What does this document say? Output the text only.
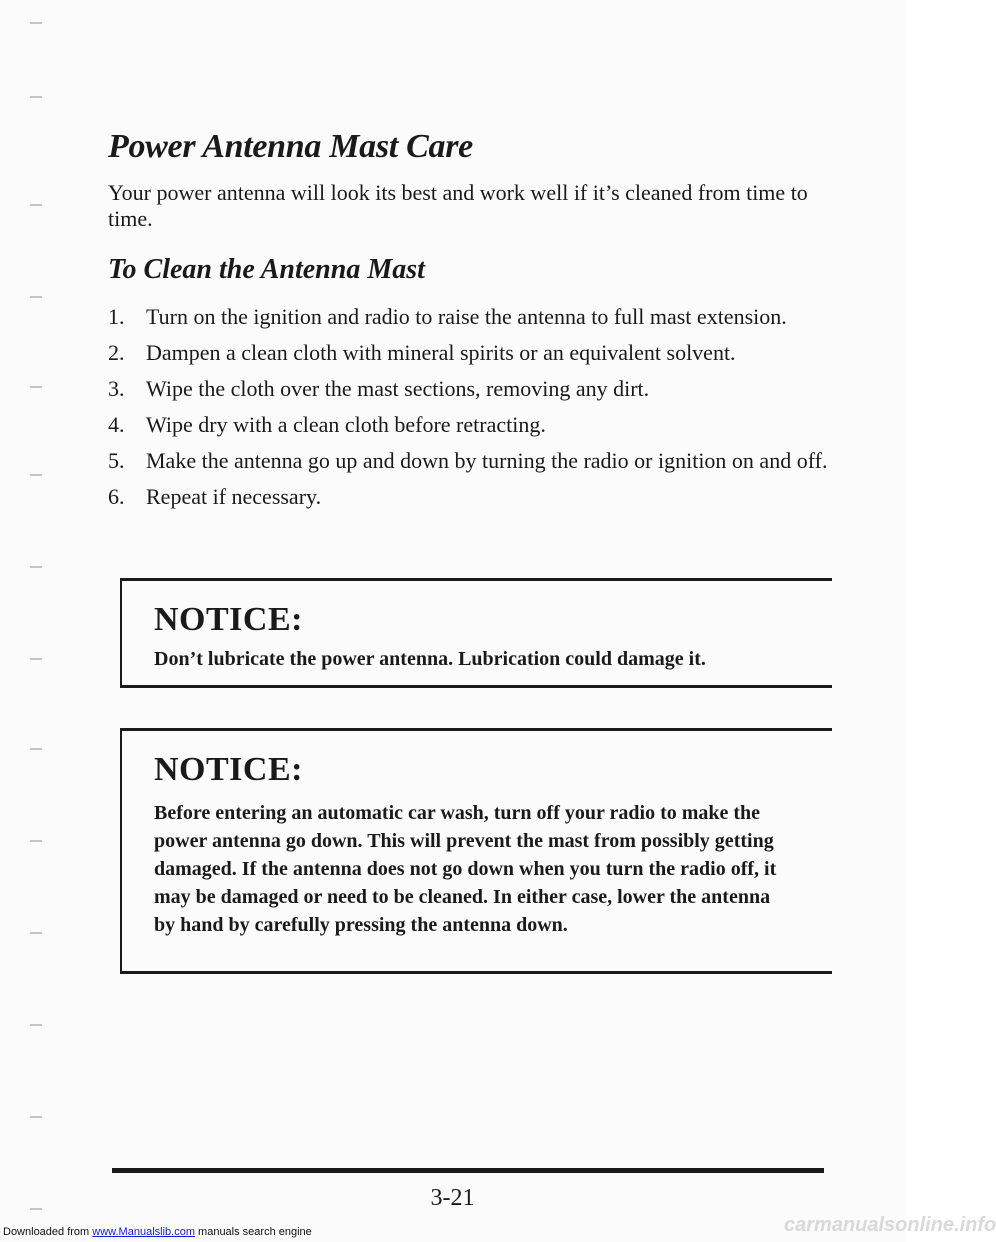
Power Antenna Mast Care

Your power antenna will look its best and work well if it’s cleaned from time to time.

To Clean the Antenna Mast
1. Turn on the ignition and radio to raise the antenna to full mast extension.
2. Dampen a clean cloth with mineral spirits or an equivalent solvent.
3. Wipe the cloth over the mast sections, removing any dirt.
4. Wipe dry with a clean cloth before retracting.
5. Make the antenna go up and down by turning the radio or ignition on and off.
6. Repeat if necessary.

NOTICE:

Don’t lubricate the power antenna. Lubrication could damage it.

NOTICE:

Before entering an automatic car wash, turn off your radio to make the power antenna go down. This will prevent the mast from possibly getting damaged. If the antenna does not go down when you turn the radio off, it may be damaged or need to be cleaned. In either case, lower the antenna by hand by carefully pressing the antenna down.

3-21
Downloaded from www.Manualslib.com manuals search engine	carmanualsonline.info
